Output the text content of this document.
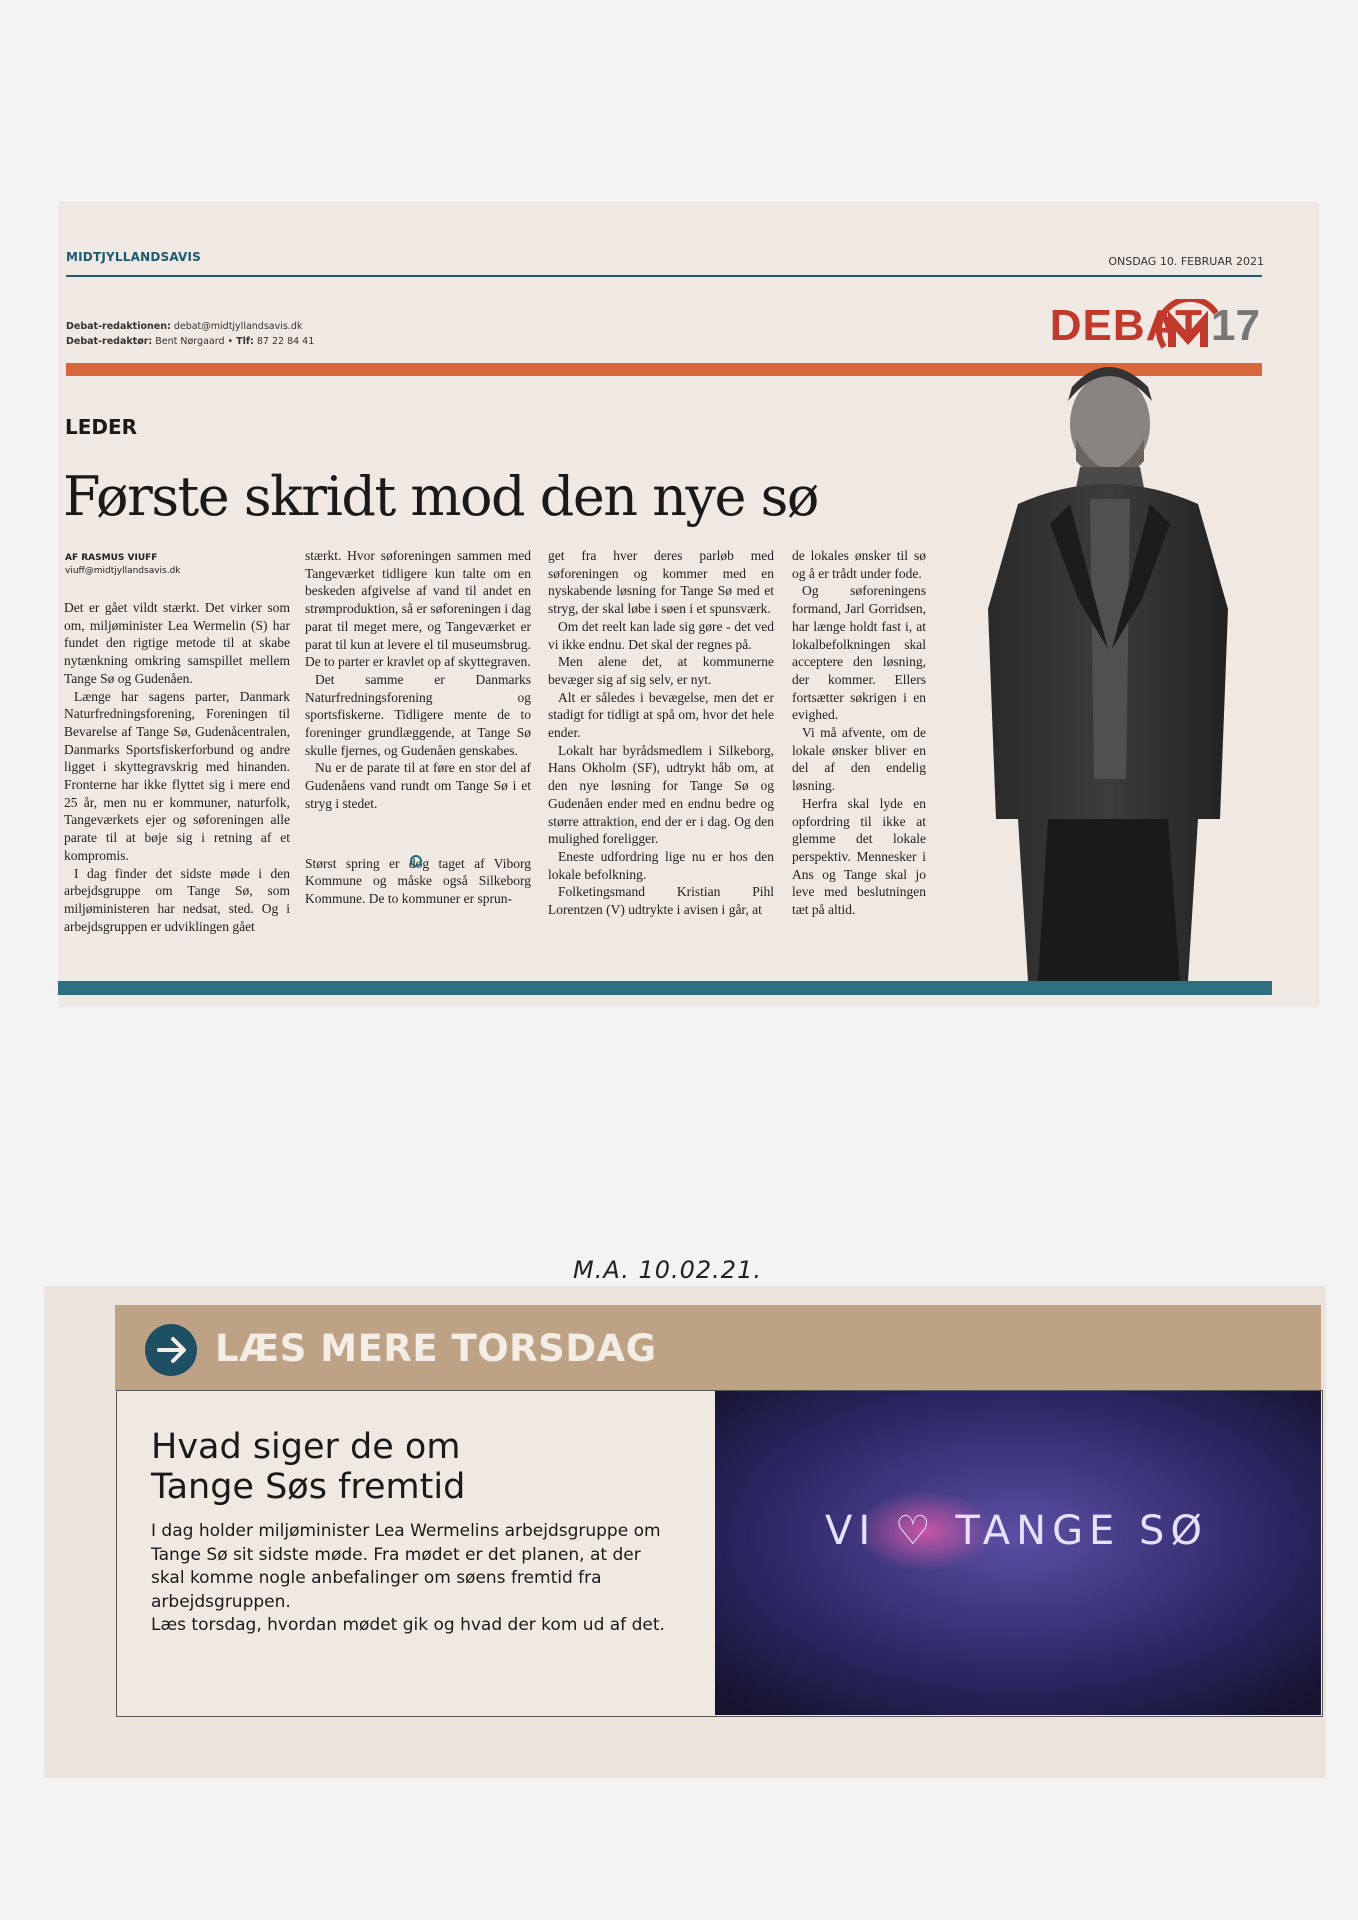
MIDTJYLLANDSAVIS	ONSDAG 10. FEBRUAR 2021
Debat-redaktionen: debat@midtjyllandsavis.dk
Debat-redaktør: Bent Nørgaard • Tlf: 87 22 84 41	DEBAT 17
LEDER
Første skridt mod den nye sø
AF RASMUS VIUFF
viuff@midtjyllandsavis.dk

Det er gået vildt stærkt. Det virker som om, miljøminister Lea Wermelin (S) har fundet den rigtige metode til at skabe nytænkning omkring samspillet mellem Tange Sø og Gudenåen.

Længe har sagens parter, Danmark Naturfredningsforening, Foreningen til Bevarelse af Tange Sø, Gudenåcentralen, Danmarks Sportsfiskerforbund og andre ligget i skyttegravskrig med hinanden. Fronterne har ikke flyttet sig i mere end 25 år, men nu er kommuner, naturfolk, Tangeværkets ejer og søforeningen alle parate til at bøje sig i retning af et kompromis.

I dag finder det sidste møde i den arbejdsgruppe om Tange Sø, som miljøministeren har nedsat, sted. Og i arbejdsgruppen er udviklingen gået

stærkt. Hvor søforeningen sammen med Tangeværket tidligere kun talte om en beskeden afgivelse af vand til andet en strømproduktion, så er søforeningen i dag parat til meget mere, og Tangeværket er parat til kun at levere el til museumsbrug. De to parter er kravlet op af skyttegraven.

Det samme er Danmarks Naturfredningsforening og sportsfiskerne. Tidligere mente de to foreninger grundlæggende, at Tange Sø skulle fjernes, og Gudenåen genskabes.

Nu er de parate til at føre en stor del af Gudenåens vand rundt om Tange Sø i et stryg i stedet.

Størst spring er dog taget af Viborg Kommune og måske også Silkeborg Kommune. De to kommuner er sprun-

get fra hver deres parløb med søforeningen og kommer med en nyskabende løsning for Tange Sø med et stryg, der skal løbe i søen i et spunsværk.

Om det reelt kan lade sig gøre - det ved vi ikke endnu. Det skal der regnes på.

Men alene det, at kommunerne bevæger sig af sig selv, er nyt.

Alt er således i bevægelse, men det er stadigt for tidligt at spå om, hvor det hele ender.

Lokalt har byrådsmedlem i Silkeborg, Hans Okholm (SF), udtrykt håb om, at den nye løsning for Tange Sø og Gudenåen ender med en endnu bedre og større attraktion, end der er i dag. Og den mulighed foreligger.

Eneste udfordring lige nu er hos den lokale befolkning.

Folketingsmand Kristian Pihl Lorentzen (V) udtrykte i avisen i går, at

de lokales ønsker til sø og å er trådt under fode.

Og søforeningens formand, Jarl Gorridsen, har længe holdt fast i, at lokalbefolkningen skal acceptere den løsning, der kommer. Ellers fortsætter søkrigen i en evighed.

Vi må afvente, om de lokale ønsker bliver en del af den endelig løsning.

Herfra skal lyde en opfordring til ikke at glemme det lokale perspektiv. Mennesker i Ans og Tange skal jo leve med beslutningen tæt på altid.

M.A. 10.02.21.
LÆS MERE TORSDAG
Hvad siger de om
Tange Søs fremtid
I dag holder miljøminister Lea Wermelins arbejdsgruppe om Tange Sø sit sidste møde. Fra mødet er det planen, at der skal komme nogle anbefalinger om søens fremtid fra arbejdsgruppen.
Læs torsdag, hvordan mødet gik og hvad der kom ud af det.
VI ♡ TANGE SØ
